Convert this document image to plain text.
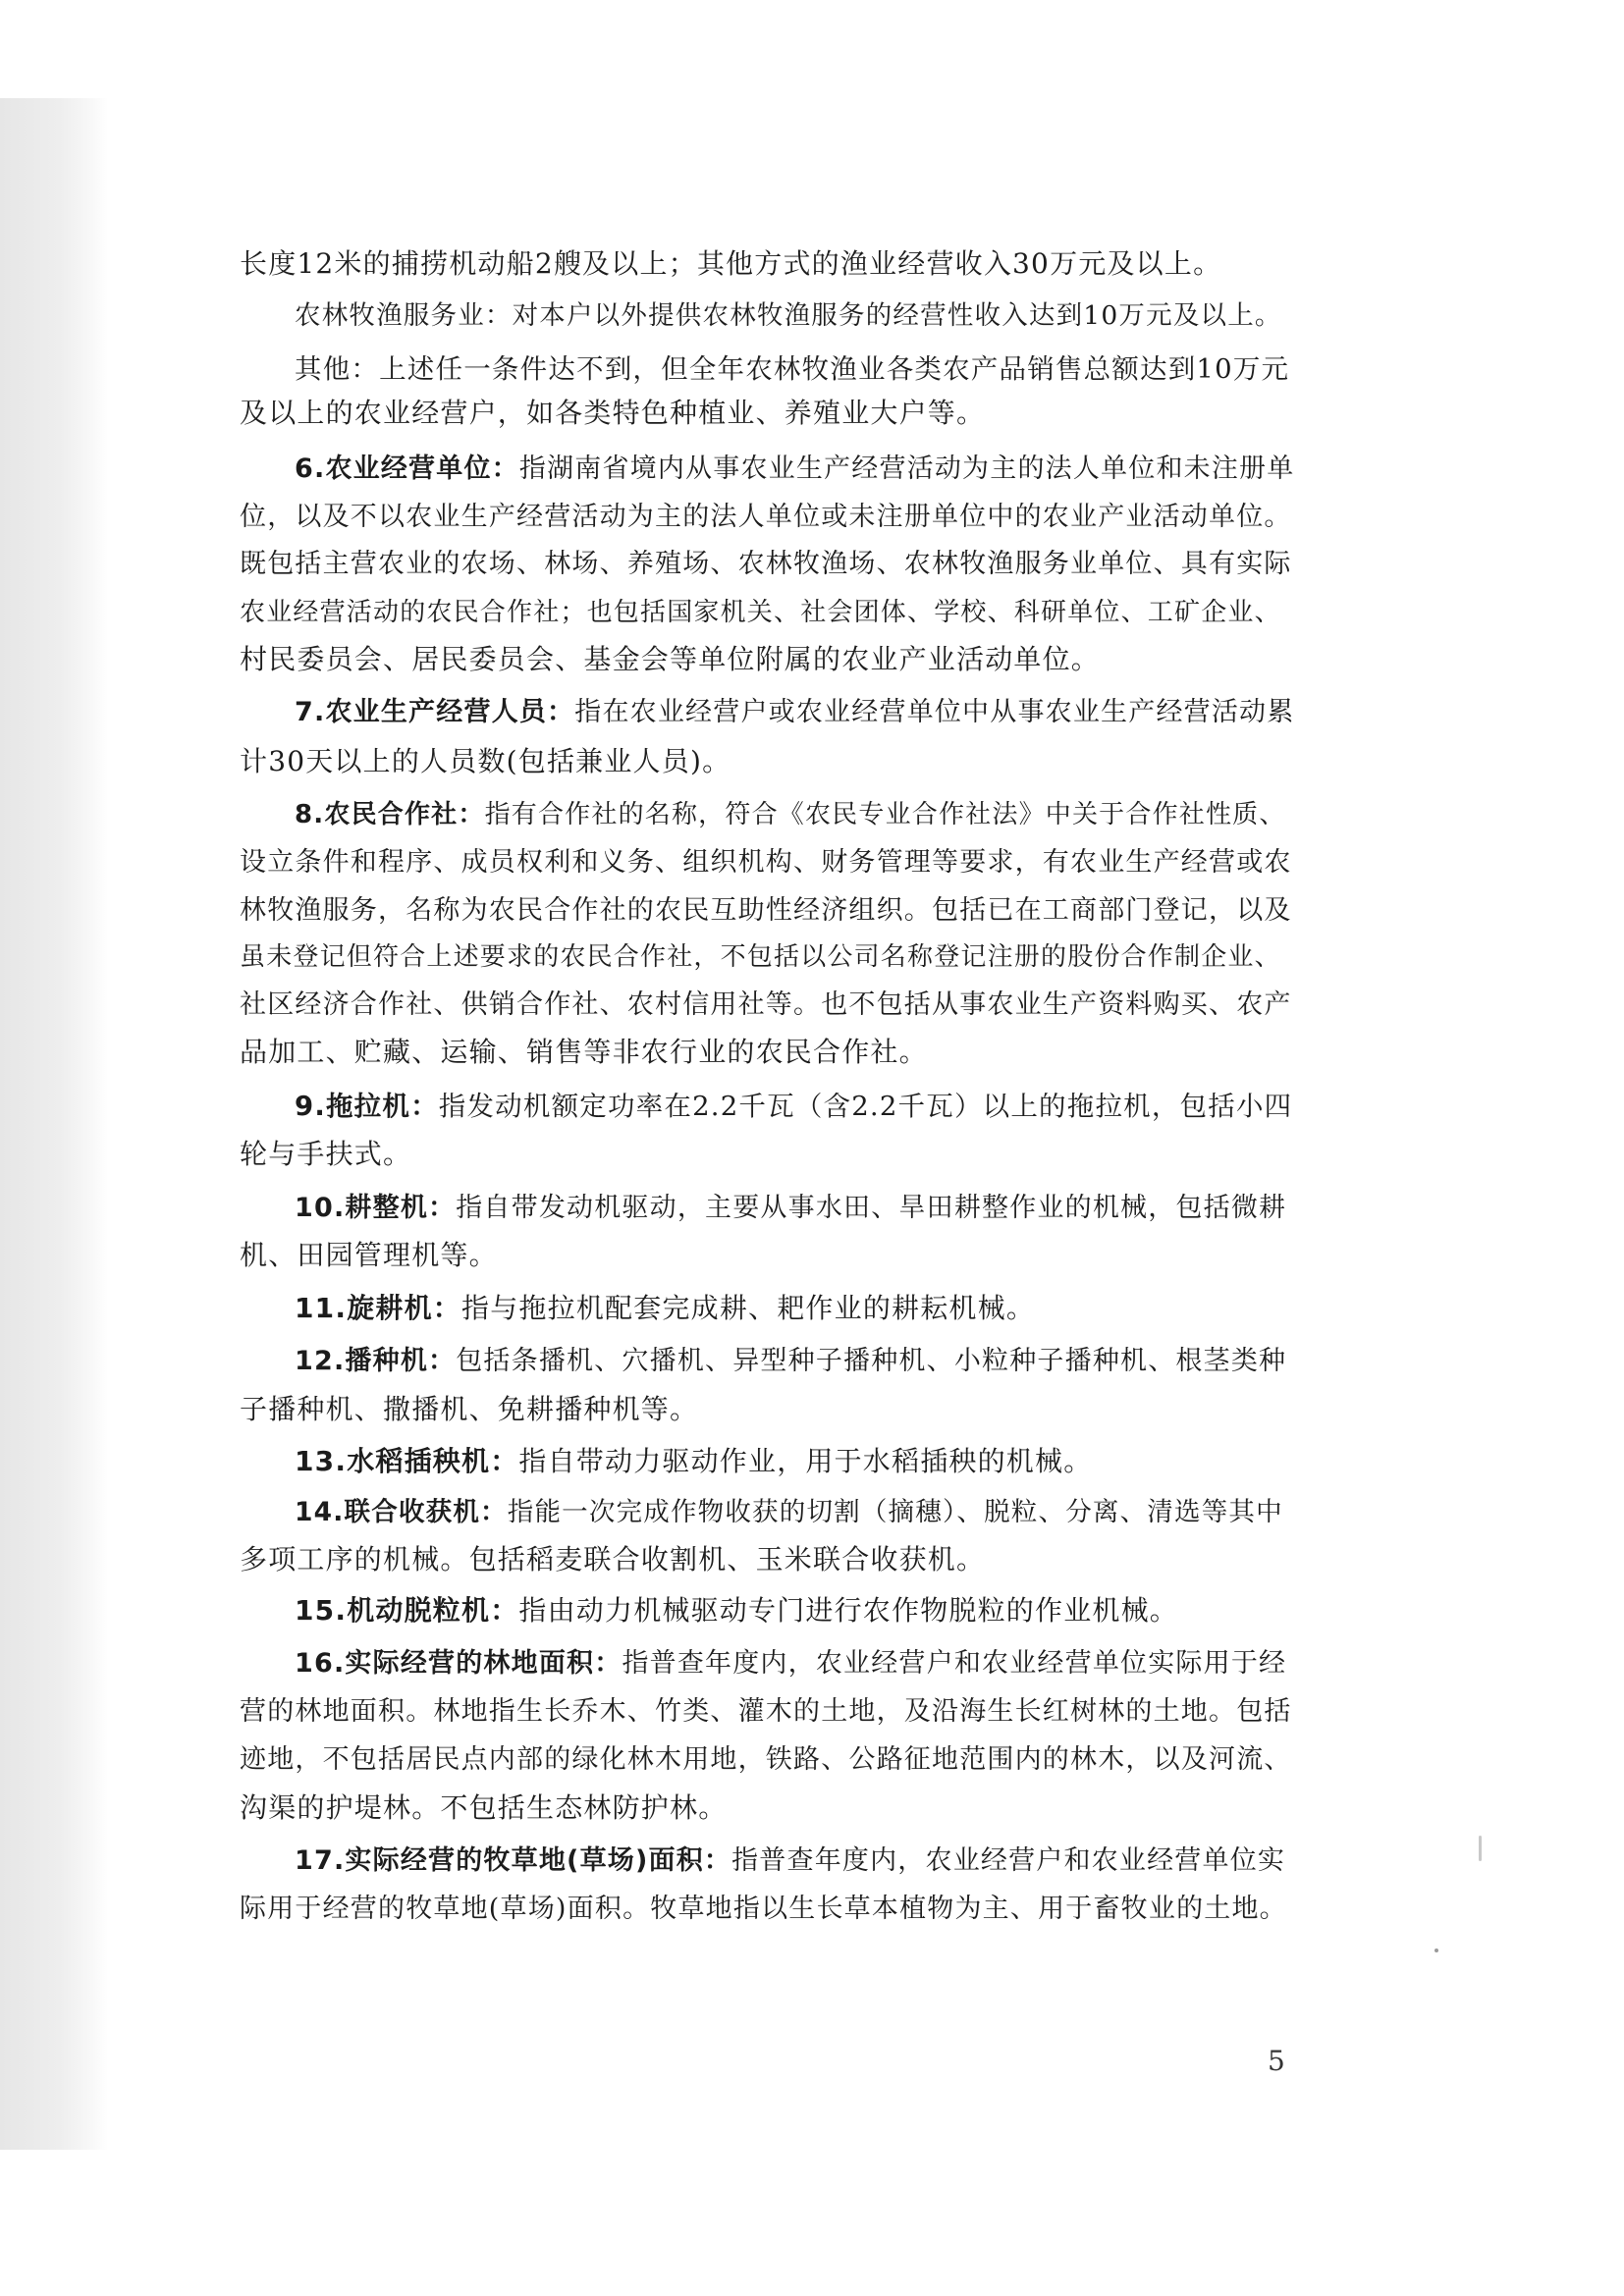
长度12米的捕捞机动船2艘及以上；其他方式的渔业经营收入30万元及以上。
农林牧渔服务业：对本户以外提供农林牧渔服务的经营性收入达到10万元及以上。
其他：上述任一条件达不到，但全年农林牧渔业各类农产品销售总额达到10万元
及以上的农业经营户，如各类特色种植业、养殖业大户等。
6.农业经营单位：指湖南省境内从事农业生产经营活动为主的法人单位和未注册单
位，以及不以农业生产经营活动为主的法人单位或未注册单位中的农业产业活动单位。
既包括主营农业的农场、林场、养殖场、农林牧渔场、农林牧渔服务业单位、具有实际
农业经营活动的农民合作社；也包括国家机关、社会团体、学校、科研单位、工矿企业、
村民委员会、居民委员会、基金会等单位附属的农业产业活动单位。
7.农业生产经营人员：指在农业经营户或农业经营单位中从事农业生产经营活动累
计30天以上的人员数(包括兼业人员)。
8.农民合作社：指有合作社的名称，符合《农民专业合作社法》中关于合作社性质、
设立条件和程序、成员权利和义务、组织机构、财务管理等要求，有农业生产经营或农
林牧渔服务，名称为农民合作社的农民互助性经济组织。包括已在工商部门登记，以及
虽未登记但符合上述要求的农民合作社，不包括以公司名称登记注册的股份合作制企业、
社区经济合作社、供销合作社、农村信用社等。也不包括从事农业生产资料购买、农产
品加工、贮藏、运输、销售等非农行业的农民合作社。
9.拖拉机：指发动机额定功率在2.2千瓦（含2.2千瓦）以上的拖拉机，包括小四
轮与手扶式。
10.耕整机：指自带发动机驱动，主要从事水田、旱田耕整作业的机械，包括微耕
机、田园管理机等。
11.旋耕机：指与拖拉机配套完成耕、耙作业的耕耘机械。
12.播种机：包括条播机、穴播机、异型种子播种机、小粒种子播种机、根茎类种
子播种机、撒播机、免耕播种机等。
13.水稻插秧机：指自带动力驱动作业，用于水稻插秧的机械。
14.联合收获机：指能一次完成作物收获的切割（摘穗）、脱粒、分离、清选等其中
多项工序的机械。包括稻麦联合收割机、玉米联合收获机。
15.机动脱粒机：指由动力机械驱动专门进行农作物脱粒的作业机械。
16.实际经营的林地面积：指普查年度内，农业经营户和农业经营单位实际用于经
营的林地面积。林地指生长乔木、竹类、灌木的土地，及沿海生长红树林的土地。包括
迹地，不包括居民点内部的绿化林木用地，铁路、公路征地范围内的林木，以及河流、
沟渠的护堤林。不包括生态林防护林。
17.实际经营的牧草地(草场)面积：指普查年度内，农业经营户和农业经营单位实
际用于经营的牧草地(草场)面积。牧草地指以生长草本植物为主、用于畜牧业的土地。
5
